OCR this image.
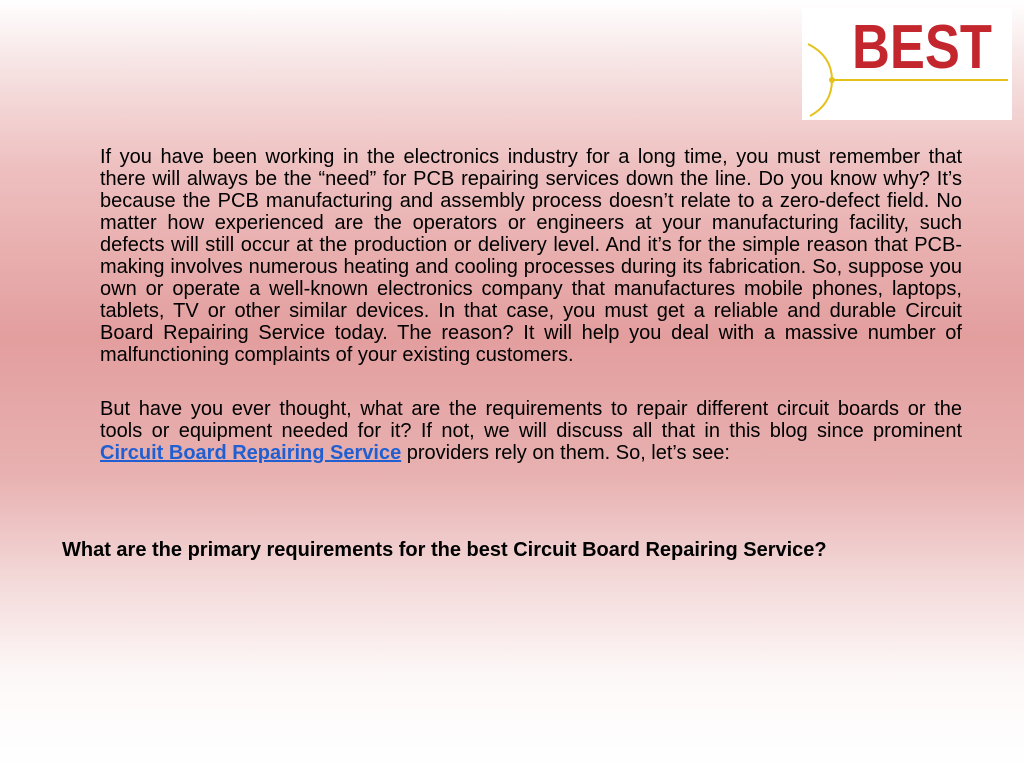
BEST

If you have been working in the electronics industry for a long time, you must remember that there will always be the “need” for PCB repairing services down the line. Do you know why? It’s because the PCB manufacturing and assembly process doesn’t relate to a zero-defect field. No matter how experienced are the operators or engineers at your manufacturing facility, such defects will still occur at the production or delivery level. And it’s for the simple reason that PCB-making involves numerous heating and cooling processes during its fabrication. So, suppose you own or operate a well-known electronics company that manufactures mobile phones, laptops, tablets, TV or other similar devices. In that case, you must get a reliable and durable Circuit Board Repairing Service today. The reason? It will help you deal with a massive number of malfunctioning complaints of your existing customers.

But have you ever thought, what are the requirements to repair different circuit boards or the tools or equipment needed for it? If not, we will discuss all that in this blog since prominent Circuit Board Repairing Service providers rely on them. So, let’s see:

What are the primary requirements for the best Circuit Board Repairing Service?
